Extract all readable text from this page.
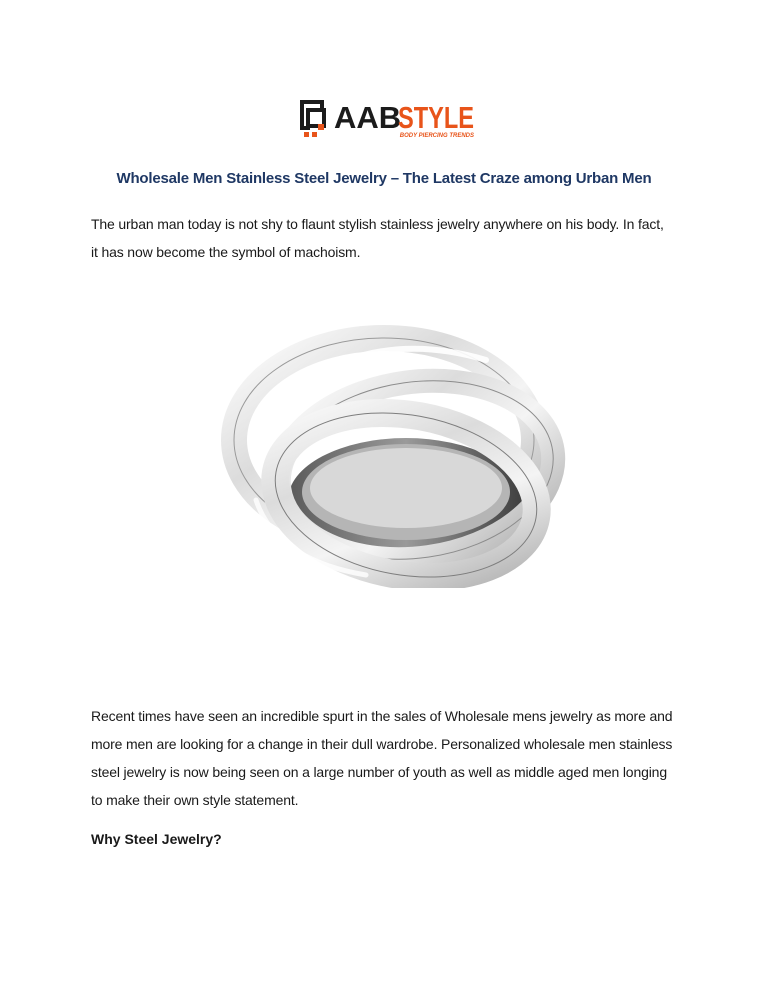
AAB
STYLE
BODY PIERCING TRENDS
Wholesale Men Stainless Steel Jewelry – The Latest Craze among Urban Men

The urban man today is not shy to flaunt stylish stainless jewelry anywhere on his body. In fact,
it has now become the symbol of machoism.

Recent times have seen an incredible spurt in the sales of Wholesale mens jewelry as more and
more men are looking for a change in their dull wardrobe. Personalized wholesale men stainless
steel jewelry is now being seen on a large number of youth as well as middle aged men longing
to make their own style statement.

Why Steel Jewelry?
